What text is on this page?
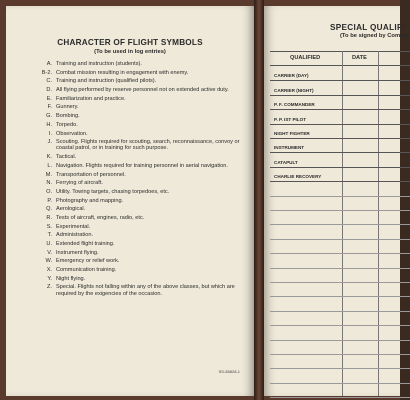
CHARACTER OF FLIGHT SYMBOLS
(To be used in log entries)
A. Training and instruction (students).
B-2. Combat mission resulting in engagement with enemy.
C. Training and instruction (qualified pilots).
D. All flying performed by reserve personnel not on extended active duty.
E. Familiarization and practice.
F. Gunnery.
G. Bombing.
H. Torpedo.
I. Observation.
J. Scouting. Flights required for scouting, search, reconnaissance, convoy or coastal patrol, or in training for such purpose.
K. Tactical.
L. Navigation. Flights required for training personnel in aerial navigation.
M. Transportation of personnel.
N. Ferrying of aircraft.
O. Utility. Towing targets, chasing torpedoes, etc.
P. Photography and mapping.
Q. Aerological.
R. Tests of aircraft, engines, radio, etc.
S. Experimental.
T. Administration.
U. Extended flight training.
V. Instrument flying.
W. Emergency or relief work.
X. Communication training.
Y. Night flying.
Z. Special. Flights not falling within any of the above classes, but which are required by the exigencies of the occasion.
SS-58828-1
SPECIAL QUALIFI
(To be signed by Comma
QUALIFIED	DATE
CARRIER (DAY)
CARRIER (NIGHT)
P. F. COMMANDER
P. P. IST PILOT
NIGHT FIGHTER
INSTRUMENT
CATAPULT
CHARLIE RECOVERY
